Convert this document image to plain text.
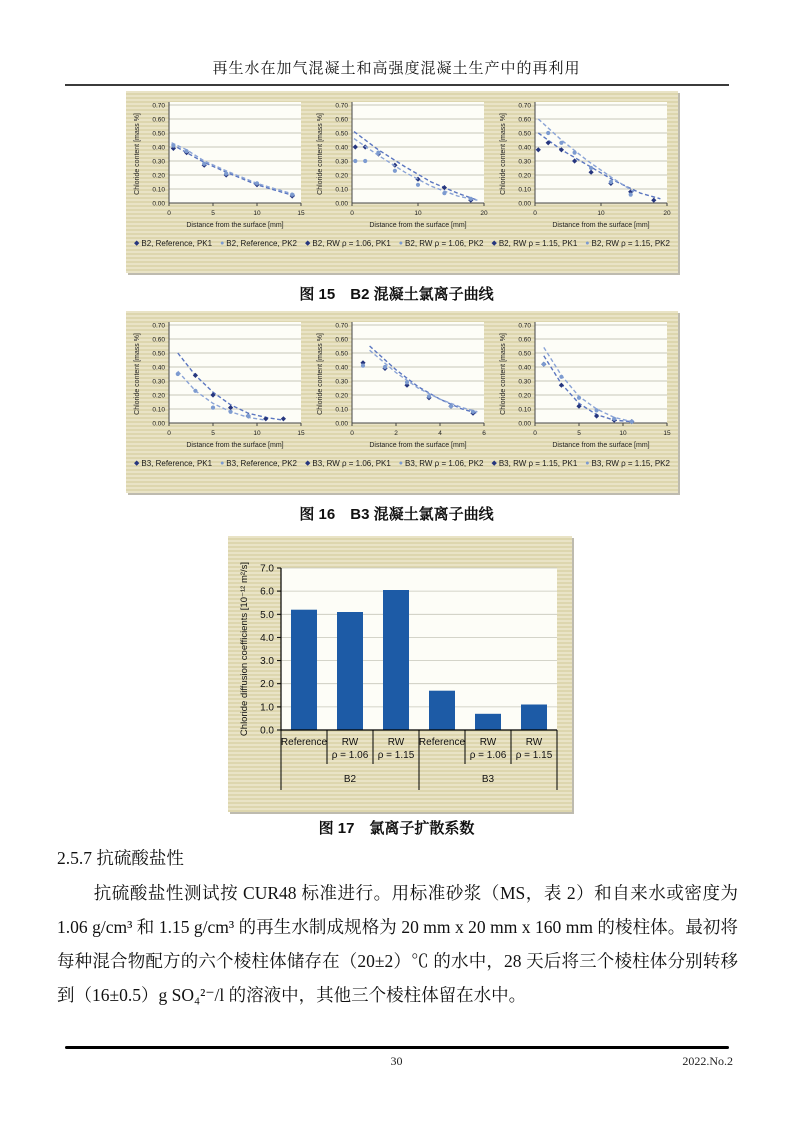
再生水在加气混凝土和高强度混凝土生产中的再利用
0.00
0.10
0.20
0.30
0.40
0.50
0.60
0.70
0	5	10	15
Distance from the surface [mm]
Chloride content [mass %]
0.00
0.10
0.20
0.30
0.40
0.50
0.60
0.70
0	10	20
Distance from the surface [mm]
Chloride content [mass %]
0.00
0.10
0.20
0.30
0.40
0.50
0.60
0.70
0	10	20
Distance from the surface [mm]
Chloride content [mass %]
◆ B2, Reference, PK1 ● B2, Reference, PK2 ◆ B2, RW ρ = 1.06, PK1 ● B2, RW ρ = 1.06, PK2 ◆ B2, RW ρ = 1.15, PK1 ● B2, RW ρ = 1.15, PK2
图 15　B2 混凝土氯离子曲线
0.00
0.10
0.20
0.30
0.40
0.50
0.60
0.70
0	5	10	15
Distance from the surface [mm]
Chloride content [mass %]
0.00
0.10
0.20
0.30
0.40
0.50
0.60
0.70
0	2	4	6
Distance from the surface [mm]
Chloride content [mass %]
0.00
0.10
0.20
0.30
0.40
0.50
0.60
0.70
0	5	10	15
Distance from the surface [mm]
Chloride content [mass %]
◆ B3, Reference, PK1 ● B3, Reference, PK2 ◆ B3, RW ρ = 1.06, PK1 ● B3, RW ρ = 1.06, PK2 ◆ B3, RW ρ = 1.15, PK1 ● B3, RW ρ = 1.15, PK2
图 16　B3 混凝土氯离子曲线
0.0
1.0
2.0
3.0
4.0
5.0
6.0
7.0
Reference RW
ρ = 1.06
RW
ρ = 1.15
Reference RW
ρ = 1.06
RW
ρ = 1.15
B2	B3
Chloride diffusion coefficients [10⁻¹² m²/s]
图 17　氯离子扩散系数
2.5.7 抗硫酸盐性
抗硫酸盐性测试按 CUR48 标准进行。用标准砂浆（MS，表 2）和自来水或密度为 1.06 g/cm³ 和 1.15 g/cm³ 的再生水制成规格为 20 mm x 20 mm x 160 mm 的棱柱体。最初将每种混合物配方的六个棱柱体储存在（20±2）℃ 的水中，28 天后将三个棱柱体分别转移到（16±0.5）g SO₄²⁻/l 的溶液中，其他三个棱柱体留在水中。
30	2022.No.2
